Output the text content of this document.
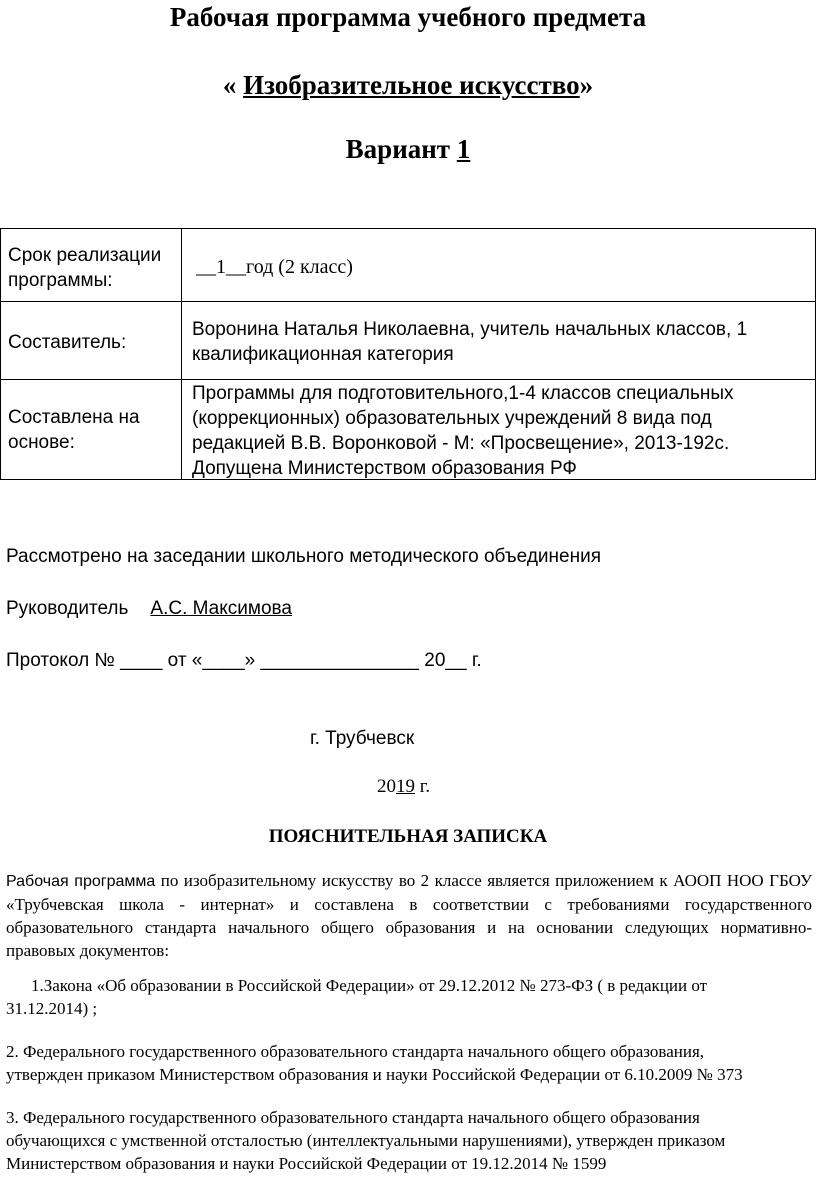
Рабочая программа учебного предмета
« Изобразительное искусство»
Вариант 1
Срок реализации
программы:
__1__год (2 класс)
Составитель:
Воронина Наталья Николаевна, учитель начальных классов, 1
квалификационная категория
Составлена на
основе:
Программы для подготовительного,1-4 классов специальных
(коррекционных) образовательных учреждений 8 вида под
редакцией В.В. Воронковой - М: «Просвещение», 2013-192с.
Допущена Министерством образования РФ
Рассмотрено на заседании школьного методического объединения
Руководитель А.С. Максимова
Протокол № ____ от «____» _______________ 20__ г.
г. Трубчевск
2019 г.
ПОЯСНИТЕЛЬНАЯ ЗАПИСКА
Рабочая программа по изобразительному искусству во 2 классе является приложением к АООП НОО ГБОУ «Трубчевская школа - интернат» и составлена в соответствии с требованиями государственного образовательного стандарта начального общего образования и на основании следующих нормативно-правовых документов:
1.Закона «Об образовании в Российской Федерации» от 29.12.2012 № 273-ФЗ ( в редакции от
31.12.2014) ;
2. Федерального государственного образовательного стандарта начального общего образования,
утвержден приказом Министерством образования и науки Российской Федерации от 6.10.2009 № 373
3. Федерального государственного образовательного стандарта начального общего образования
обучающихся с умственной отсталостью (интеллектуальными нарушениями), утвержден приказом
Министерством образования и науки Российской Федерации от 19.12.2014 № 1599
